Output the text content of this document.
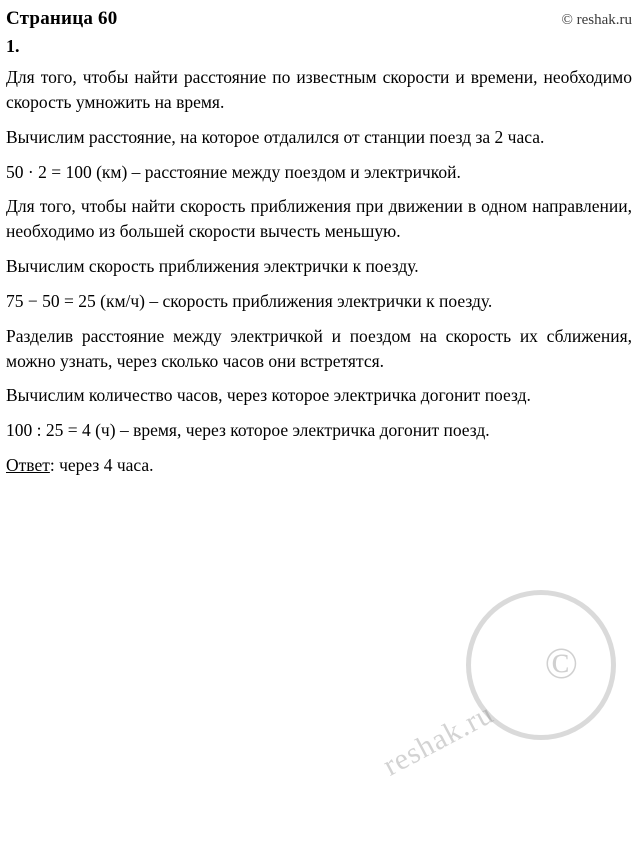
Страница 60	© reshak.ru
1.

Для того, чтобы найти расстояние по известным скорости и времени, необходимо скорость умножить на время.

Вычислим расстояние, на которое отдалился от станции поезд за 2 часа.

50 · 2 = 100 (км) – расстояние между поездом и электричкой.

Для того, чтобы найти скорость приближения при движении в одном направлении, необходимо из большей скорости вычесть меньшую.

Вычислим скорость приближения электрички к поезду.

75 − 50 = 25 (км/ч) – скорость приближения электрички к поезду.

Разделив расстояние между электричкой и поездом на скорость их сближения, можно узнать, через сколько часов они встретятся.

Вычислим количество часов, через которое электричка догонит поезд.

100 : 25 = 4 (ч) – время, через которое электричка догонит поезд.

Ответ: через 4 часа.

©
reshak.ru
